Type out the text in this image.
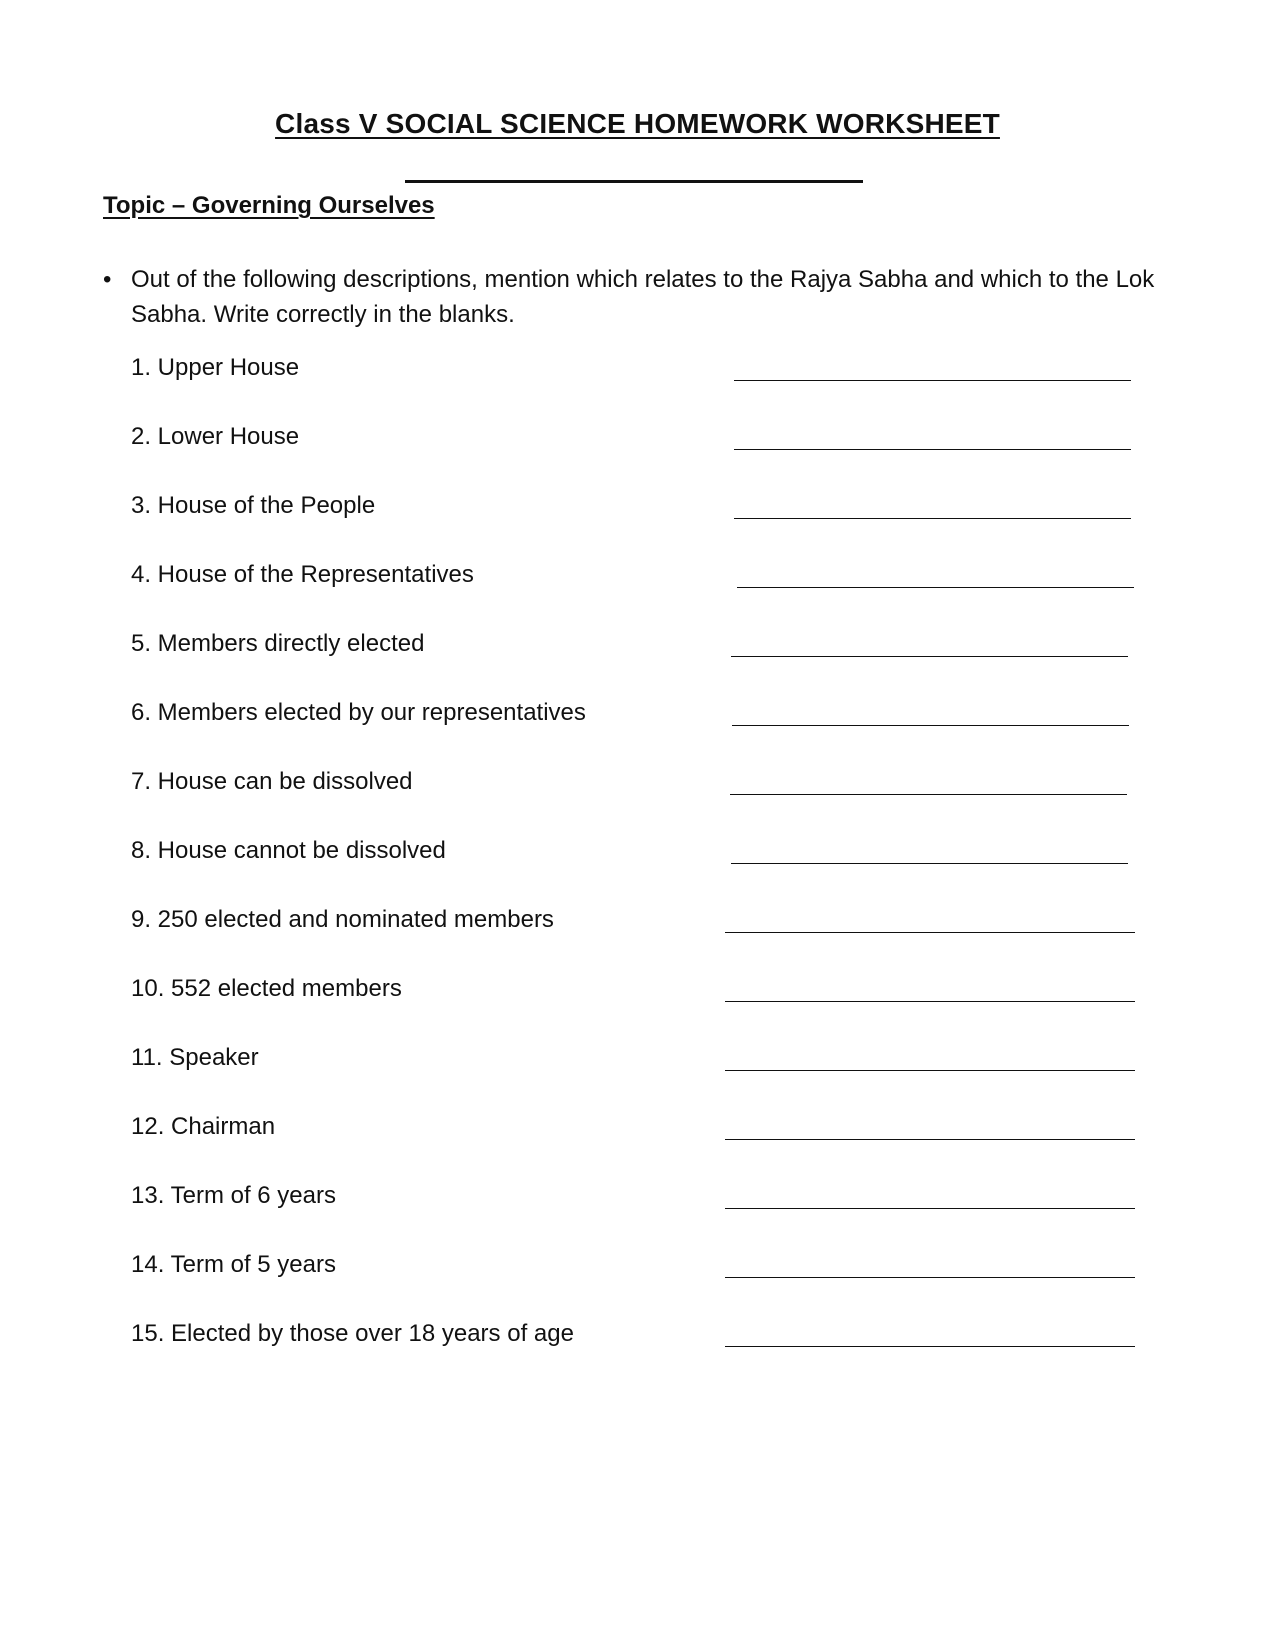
Class V SOCIAL SCIENCE HOMEWORK WORKSHEET
Topic – Governing Ourselves
• Out of the following descriptions, mention which relates to the Rajya Sabha and which to the Lok Sabha. Write correctly in the blanks.
1. Upper House
2. Lower House
3. House of the People
4. House of the Representatives
5. Members directly elected
6. Members elected by our representatives
7. House can be dissolved
8. House cannot be dissolved
9. 250 elected and nominated members
10. 552 elected members
11. Speaker
12. Chairman
13. Term of 6 years
14. Term of 5 years
15. Elected by those over 18 years of age
